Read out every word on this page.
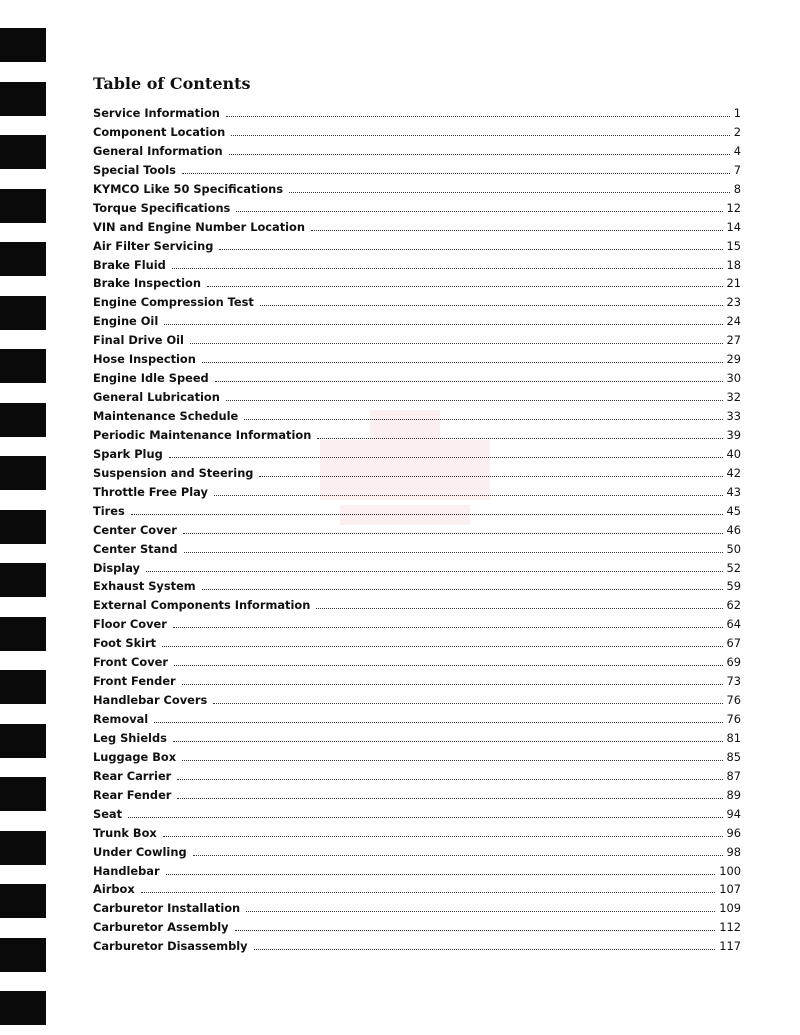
Table of Contents
Service Information	1
Component Location	2
General Information	4
Special Tools	7
KYMCO Like 50 Specifications	8
Torque Specifications	12
VIN and Engine Number Location	14
Air Filter Servicing	15
Brake Fluid	18
Brake Inspection	21
Engine Compression Test	23
Engine Oil	24
Final Drive Oil	27
Hose Inspection	29
Engine Idle Speed	30
General Lubrication	32
Maintenance Schedule	33
Periodic Maintenance Information	39
Spark Plug	40
Suspension and Steering	42
Throttle Free Play	43
Tires	45
Center Cover	46
Center Stand	50
Display	52
Exhaust System	59
External Components Information	62
Floor Cover	64
Foot Skirt	67
Front Cover	69
Front Fender	73
Handlebar Covers	76
Removal	76
Leg Shields	81
Luggage Box	85
Rear Carrier	87
Rear Fender	89
Seat	94
Trunk Box	96
Under Cowling	98
Handlebar	100
Airbox	107
Carburetor Installation	109
Carburetor Assembly	112
Carburetor Disassembly	117
